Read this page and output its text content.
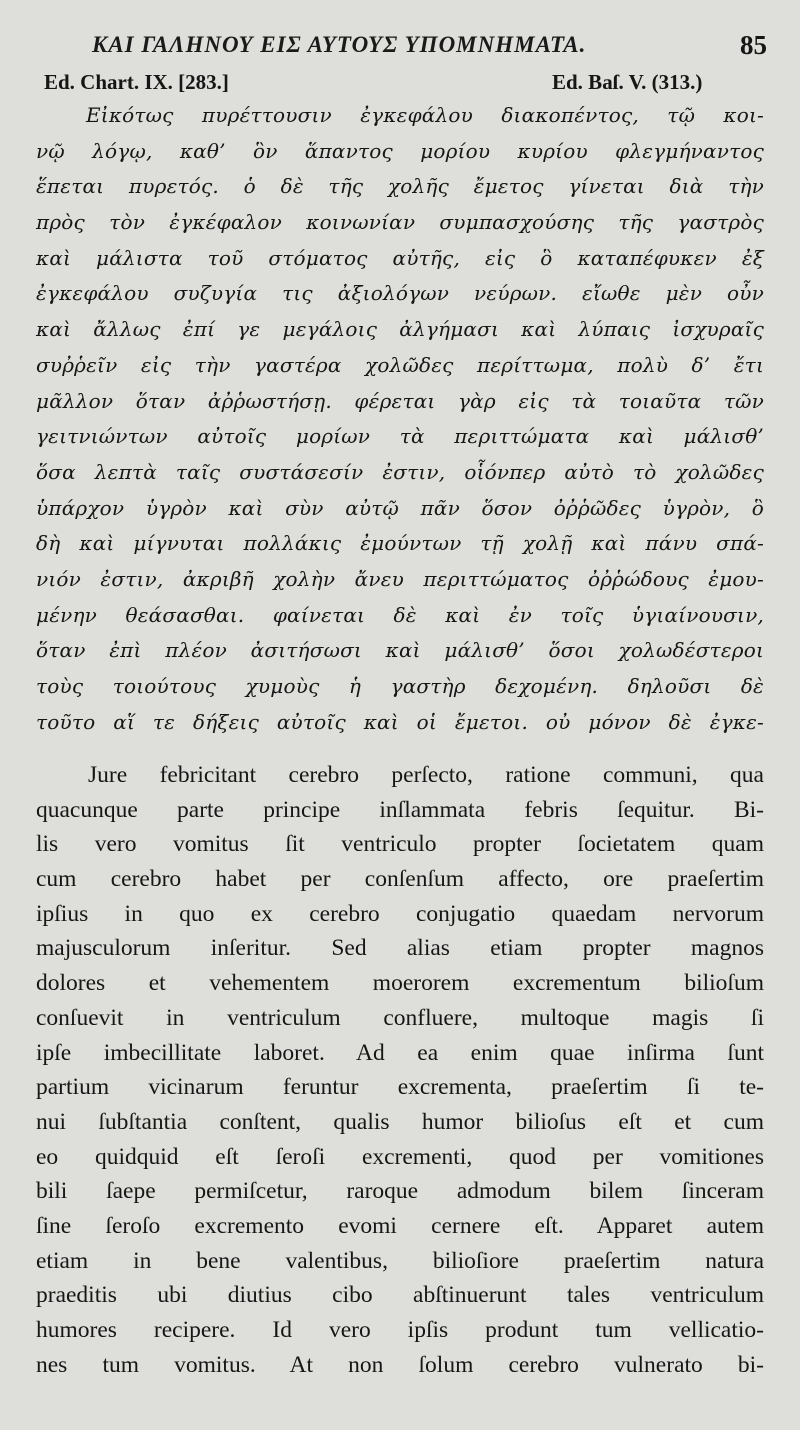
ΚΑΙ ΓΑΛΗΝΟΥ ΕΙΣ ΑΥΤΟΥΣ ΥΠΟΜΝΗΜΑΤΑ.	85
Ed. Chart. IX. [283.]	Ed. Baſ. V. (313.)
Εἰκότως πυρέττουσιν ἐγκεφάλου διακοπέντος, τῷ κοι-
νῷ λόγῳ, καθ’ ὃν ἅπαντος μορίου κυρίου φλεγμήναντος
ἕπεται πυρετός. ὁ δὲ τῆς χολῆς ἔμετος γίνεται διὰ τὴν
πρὸς τὸν ἐγκέφαλον κοινωνίαν συμπασχούσης τῆς γαστρὸς
καὶ μάλιστα τοῦ στόματος αὐτῆς, εἰς ὃ καταπέφυκεν ἐξ
ἐγκεφάλου συζυγία τις ἀξιολόγων νεύρων. εἴωθε μὲν οὖν
καὶ ἄλλως ἐπί γε μεγάλοις ἀλγήμασι καὶ λύπαις ἰσχυραῖς
συῤῥεῖν εἰς τὴν γαστέρα χολῶδες περίττωμα, πολὺ δ’ ἔτι
μᾶλλον ὅταν ἀῤῥωστήσῃ. φέρεται γὰρ εἰς τὰ τοιαῦτα τῶν
γειτνιώντων αὐτοῖς μορίων τὰ περιττώματα καὶ μάλισθ’
ὅσα λεπτὰ ταῖς συστάσεσίν ἐστιν, οἷόνπερ αὐτὸ τὸ χολῶδες
ὑπάρχον ὑγρὸν καὶ σὺν αὐτῷ πᾶν ὅσον ὀῤῥῶδες ὑγρὸν, ὃ
δὴ καὶ μίγνυται πολλάκις ἐμούντων τῇ χολῇ καὶ πάνυ σπά-
νιόν ἐστιν, ἀκριβῆ χολὴν ἄνευ περιττώματος ὀῤῥώδους ἐμου-
μένην θεάσασθαι. φαίνεται δὲ καὶ ἐν τοῖς ὑγιαίνουσιν,
ὅταν ἐπὶ πλέον ἀσιτήσωσι καὶ μάλισθ’ ὅσοι χολωδέστεροι
τοὺς τοιούτους χυμοὺς ἡ γαστὴρ δεχομένη. δηλοῦσι δὲ
τοῦτο αἵ τε δήξεις αὐτοῖς καὶ οἱ ἔμετοι. οὐ μόνον δὲ ἐγκε-
Jure febricitant cerebro perſecto, ratione communi, qua
quacunque parte principe inſlammata febris ſequitur. Bi-
lis vero vomitus ſit ventriculo propter ſocietatem quam
cum cerebro habet per conſenſum affecto, ore praeſertim
ipſius in quo ex cerebro conjugatio quaedam nervorum
majusculorum inſeritur. Sed alias etiam propter magnos
dolores et vehementem moerorem excrementum bilioſum
conſuevit in ventriculum confluere, multoque magis ſi
ipſe imbecillitate laboret. Ad ea enim quae inſirma ſunt
partium vicinarum feruntur excrementa, praeſertim ſi te-
nui ſubſtantia conſtent, qualis humor bilioſus eſt et cum
eo quidquid eſt ſeroſi excrementi, quod per vomitiones
bili ſaepe permiſcetur, raroque admodum bilem ſinceram
ſine ſeroſo excremento evomi cernere eſt. Apparet autem
etiam in bene valentibus, bilioſiore praeſertim natura
praeditis ubi diutius cibo abſtinuerunt tales ventriculum
humores recipere. Id vero ipſis produnt tum vellicatio-
nes tum vomitus. At non ſolum cerebro vulnerato bi-
